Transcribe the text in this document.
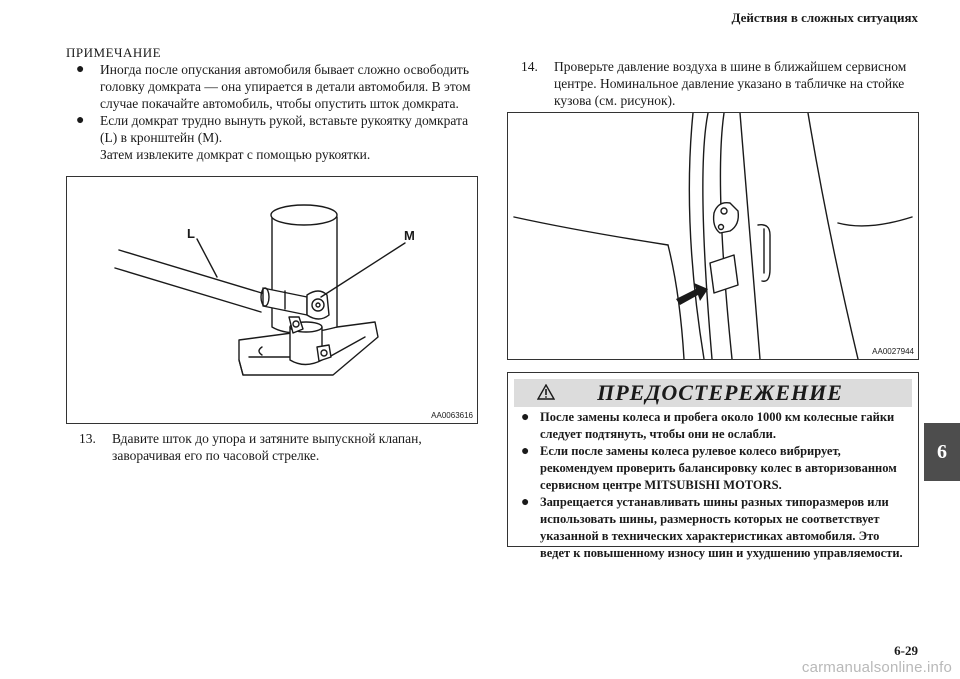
Действия в сложных ситуациях
6
ПРИМЕЧАНИЕ
● Иногда после опускания автомобиля бывает сложно освободить
головку домкрата — она упирается в детали автомобиля. В этом
случае покачайте автомобиль, чтобы опустить шток домкрата.
● Если домкрат трудно вынуть рукой, вставьте рукоятку домкрата
(L) в кронштейн (M).
Затем извлеките домкрат с помощью рукоятки.
L	M
AA0063616
13. Вдавите шток до упора и затяните выпускной клапан,
заворачивая его по часовой стрелке.
14. Проверьте давление воздуха в шине в ближайшем сервисном
центре. Номинальное давление указано в табличке на стойке
кузова (см. рисунок).
AA0027944
ПРЕДОСТЕРЕЖЕНИЕ
● После замены колеса и пробега около 1000 км колесные гайки
следует подтянуть, чтобы они не ослабли.
● Если после замены колеса рулевое колесо вибрирует,
рекомендуем проверить балансировку колес в авторизованном
сервисном центре MITSUBISHI MOTORS.
● Запрещается устанавливать шины разных типоразмеров или
использовать шины, размерность которых не соответствует
указанной в технических характеристиках автомобиля. Это
ведет к повышенному износу шин и ухудшению управляемости.
6-29
carmanualsonline.info
